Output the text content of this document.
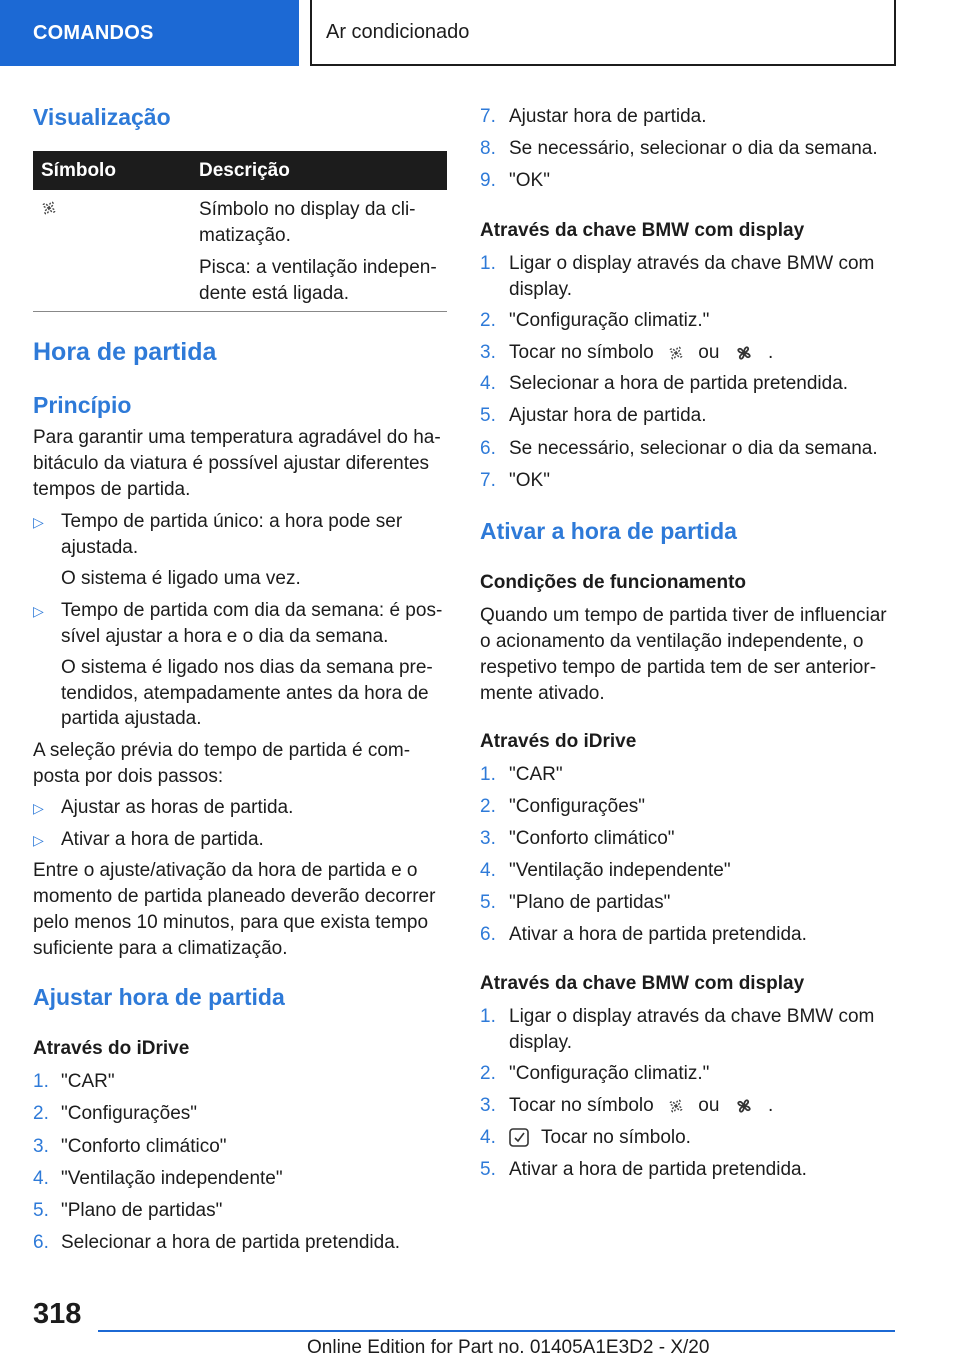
COMANDOS	Ar condicionado
Visualização
Símbolo	Descrição
Símbolo no display da cli-
matização.
Pisca: a ventilação indepen-
dente está ligada.
Hora de partida
Princípio
Para garantir uma temperatura agradável do ha-
bitáculo da viatura é possível ajustar diferentes
tempos de partida.
▷ Tempo de partida único: a hora pode ser
ajustada.
O sistema é ligado uma vez.
▷ Tempo de partida com dia da semana: é pos-
sível ajustar a hora e o dia da semana.
O sistema é ligado nos dias da semana pre-
tendidos, atempadamente antes da hora de
partida ajustada.
A seleção prévia do tempo de partida é com-
posta por dois passos:
▷ Ajustar as horas de partida.
▷ Ativar a hora de partida.
Entre o ajuste/ativação da hora de partida e o
momento de partida planeado deverão decorrer
pelo menos 10 minutos, para que exista tempo
suficiente para a climatização.
Ajustar hora de partida
Através do iDrive
1. "CAR"
2. "Configurações"
3. "Conforto climático"
4. "Ventilação independente"
5. "Plano de partidas"
6. Selecionar a hora de partida pretendida.
7. Ajustar hora de partida.
8. Se necessário, selecionar o dia da semana.
9. "OK"
Através da chave BMW com display
1. Ligar o display através da chave BMW com
display.
2. "Configuração climatiz."
3. Tocar no símbolo ou	.
4. Selecionar a hora de partida pretendida.
5. Ajustar hora de partida.
6. Se necessário, selecionar o dia da semana.
7. "OK"
Ativar a hora de partida
Condições de funcionamento
Quando um tempo de partida tiver de influenciar
o acionamento da ventilação independente, o
respetivo tempo de partida tem de ser anterior-
mente ativado.
Através do iDrive
1. "CAR"
2. "Configurações"
3. "Conforto climático"
4. "Ventilação independente"
5. "Plano de partidas"
6. Ativar a hora de partida pretendida.
Através da chave BMW com display
1. Ligar o display através da chave BMW com
display.
2. "Configuração climatiz."
3. Tocar no símbolo ou	.
4. Tocar no símbolo.
5. Ativar a hora de partida pretendida.
318
Online Edition for Part no. 01405A1E3D2 - X/20
